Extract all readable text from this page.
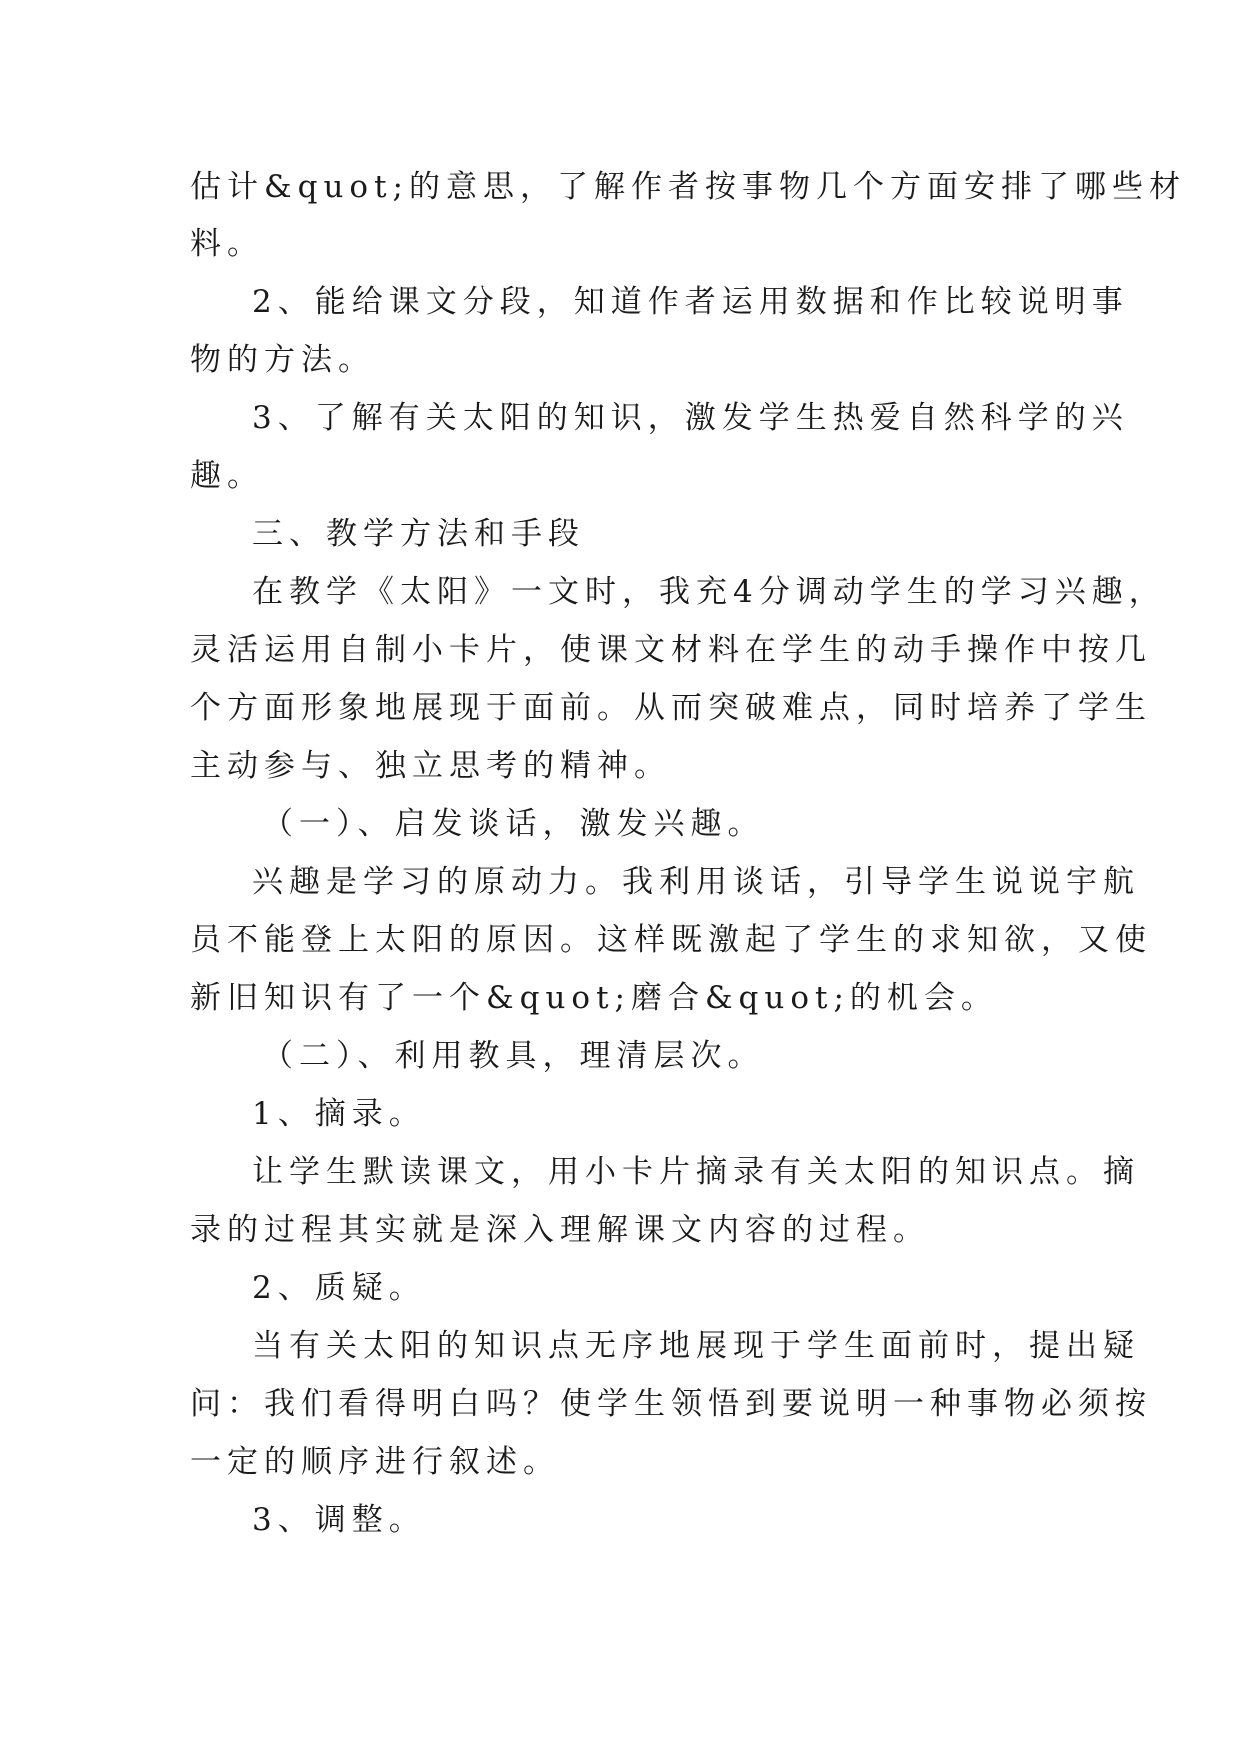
估计&quot;的意思，了解作者按事物几个方面安排了哪些材
料。
2、能给课文分段，知道作者运用数据和作比较说明事
物的方法。
3、了解有关太阳的知识，激发学生热爱自然科学的兴
趣。
三、教学方法和手段
在教学《太阳》一文时，我充4分调动学生的学习兴趣，
灵活运用自制小卡片，使课文材料在学生的动手操作中按几
个方面形象地展现于面前。从而突破难点，同时培养了学生
主动参与、独立思考的精神。
（一）、启发谈话，激发兴趣。
兴趣是学习的原动力。我利用谈话，引导学生说说宇航
员不能登上太阳的原因。这样既激起了学生的求知欲，又使
新旧知识有了一个&quot;磨合&quot;的机会。
（二）、利用教具，理清层次。
1、摘录。
让学生默读课文，用小卡片摘录有关太阳的知识点。摘
录的过程其实就是深入理解课文内容的过程。
2、质疑。
当有关太阳的知识点无序地展现于学生面前时，提出疑
问：我们看得明白吗？使学生领悟到要说明一种事物必须按
一定的顺序进行叙述。
3、调整。
